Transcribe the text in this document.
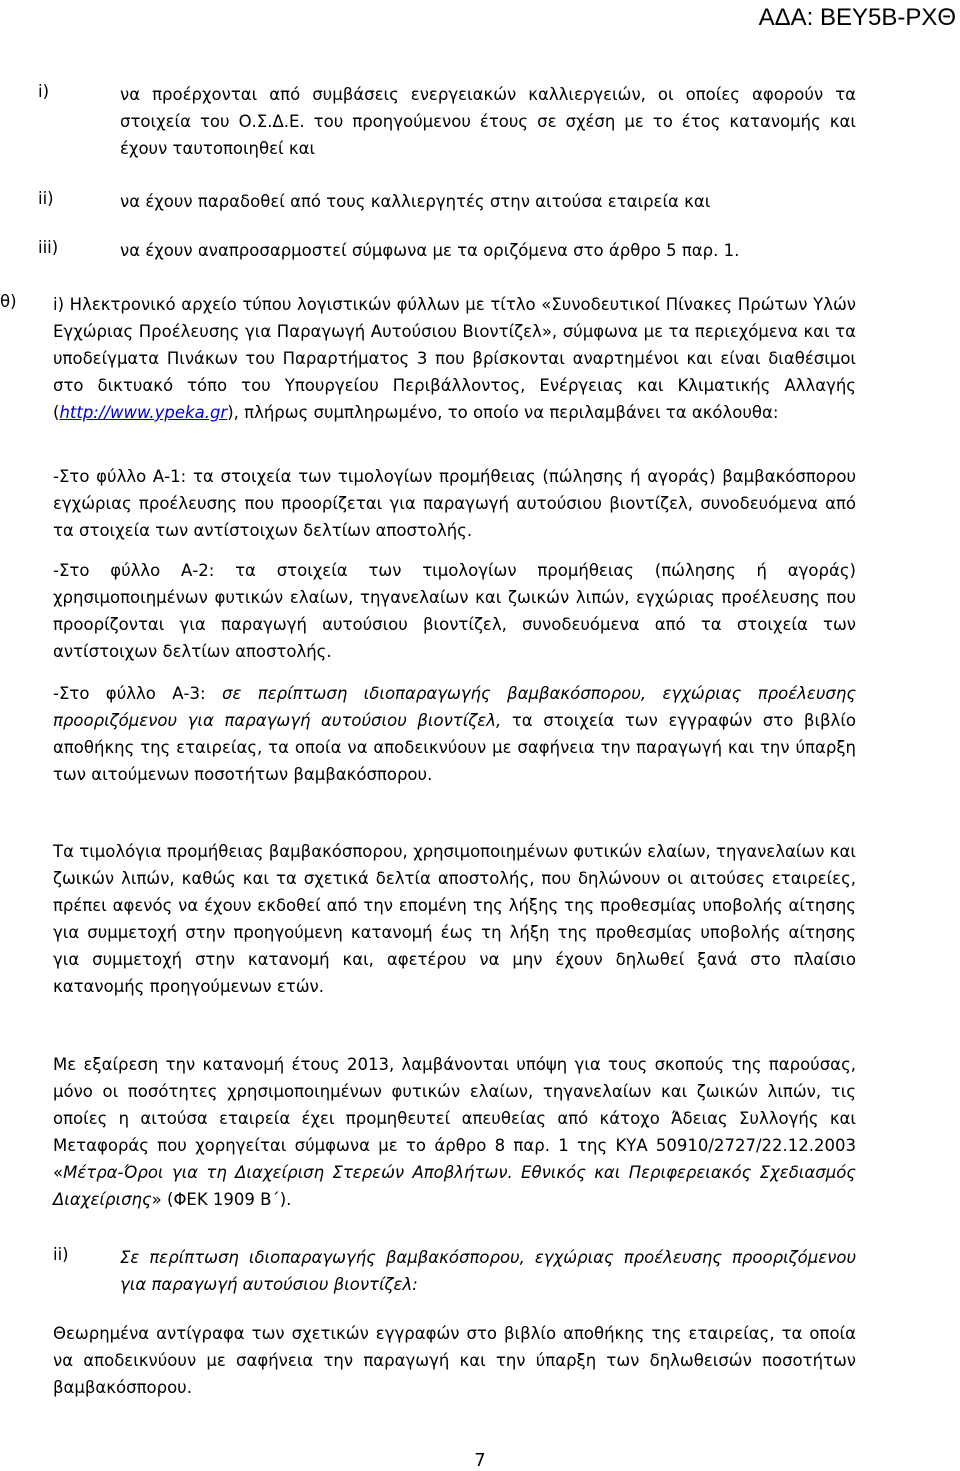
ΑΔΑ: ΒΕΥ5Β-ΡΧΘ
i)	να προέρχονται από συμβάσεις ενεργειακών καλλιεργειών, οι οποίες αφορούν τα στοιχεία του Ο.Σ.Δ.Ε. του προηγούμενου έτους σε σχέση με το έτος κατανομής και έχουν ταυτοποιηθεί και
ii)	να έχουν παραδοθεί από τους καλλιεργητές στην αιτούσα εταιρεία και
iii)	να έχουν αναπροσαρμοστεί σύμφωνα με τα οριζόμενα στο άρθρο 5 παρ. 1.
θ) i) Ηλεκτρονικό αρχείο τύπου λογιστικών φύλλων με τίτλο «Συνοδευτικοί Πίνακες Πρώτων Υλών Εγχώριας Προέλευσης για Παραγωγή Αυτούσιου Βιοντίζελ», σύμφωνα με τα περιεχόμενα και τα υποδείγματα Πινάκων του Παραρτήματος 3 που βρίσκονται αναρτημένοι και είναι διαθέσιμοι στο δικτυακό τόπο του Υπουργείου Περιβάλλοντος, Ενέργειας και Κλιματικής Αλλαγής (http://www.ypeka.gr), πλήρως συμπληρωμένο, το οποίο να περιλαμβάνει τα ακόλουθα:
-Στο φύλλο Α-1: τα στοιχεία των τιμολογίων προμήθειας (πώλησης ή αγοράς) βαμβακόσπορου εγχώριας προέλευσης που προορίζεται για παραγωγή αυτούσιου βιοντίζελ, συνοδευόμενα από τα στοιχεία των αντίστοιχων δελτίων αποστολής.
-Στο φύλλο Α-2: τα στοιχεία των τιμολογίων προμήθειας (πώλησης ή αγοράς) χρησιμοποιημένων φυτικών ελαίων, τηγανελαίων και ζωικών λιπών, εγχώριας προέλευσης που προορίζονται για παραγωγή αυτούσιου βιοντίζελ, συνοδευόμενα από τα στοιχεία των αντίστοιχων δελτίων αποστολής.
-Στο φύλλο Α-3: σε περίπτωση ιδιοπαραγωγής βαμβακόσπορου, εγχώριας προέλευσης προοριζόμενου για παραγωγή αυτούσιου βιοντίζελ, τα στοιχεία των εγγραφών στο βιβλίο αποθήκης της εταιρείας, τα οποία να αποδεικνύουν με σαφήνεια την παραγωγή και την ύπαρξη των αιτούμενων ποσοτήτων βαμβακόσπορου.
Τα τιμολόγια προμήθειας βαμβακόσπορου, χρησιμοποιημένων φυτικών ελαίων, τηγανελαίων και ζωικών λιπών, καθώς και τα σχετικά δελτία αποστολής, που δηλώνουν οι αιτούσες εταιρείες, πρέπει αφενός να έχουν εκδοθεί από την επομένη της λήξης της προθεσμίας υποβολής αίτησης για συμμετοχή στην προηγούμενη κατανομή έως τη λήξη της προθεσμίας υποβολής αίτησης για συμμετοχή στην κατανομή και, αφετέρου να μην έχουν δηλωθεί ξανά στο πλαίσιο κατανομής προηγούμενων ετών.
Με εξαίρεση την κατανομή έτους 2013, λαμβάνονται υπόψη για τους σκοπούς της παρούσας, μόνο οι ποσότητες χρησιμοποιημένων φυτικών ελαίων, τηγανελαίων και ζωικών λιπών, τις οποίες η αιτούσα εταιρεία έχει προμηθευτεί απευθείας από κάτοχο Άδειας Συλλογής και Μεταφοράς που χορηγείται σύμφωνα με το άρθρο 8 παρ. 1 της ΚΥΑ 50910/2727/22.12.2003 «Μέτρα-Όροι για τη Διαχείριση Στερεών Αποβλήτων. Εθνικός και Περιφερειακός Σχεδιασμός Διαχείρισης» (ΦΕΚ 1909 Β΄).
ii)	Σε περίπτωση ιδιοπαραγωγής βαμβακόσπορου, εγχώριας προέλευσης προοριζόμενου για παραγωγή αυτούσιου βιοντίζελ:
Θεωρημένα αντίγραφα των σχετικών εγγραφών στο βιβλίο αποθήκης της εταιρείας, τα οποία να αποδεικνύουν με σαφήνεια την παραγωγή και την ύπαρξη των δηλωθεισών ποσοτήτων βαμβακόσπορου.
7
